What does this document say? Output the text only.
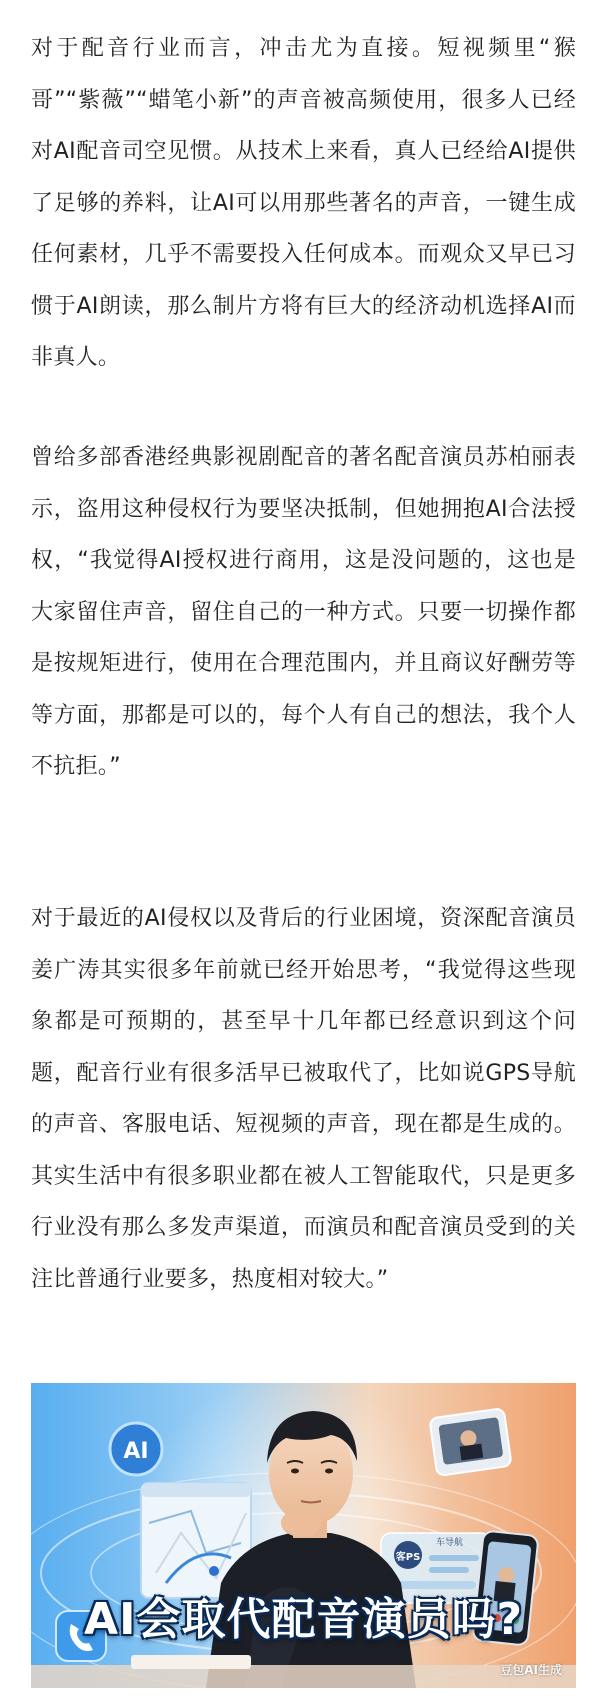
对于配音行业而言，冲击尤为直接。短视频里“猴哥”“紫薇”“蜡笔小新”的声音被高频使用，很多人已经对AI配音司空见惯。从技术上来看，真人已经给AI提供了足够的养料，让AI可以用那些著名的声音，一键生成任何素材，几乎不需要投入任何成本。而观众又早已习惯于AI朗读，那么制片方将有巨大的经济动机选择AI而非真人。

曾给多部香港经典影视剧配音的著名配音演员苏柏丽表示，盗用这种侵权行为要坚决抵制，但她拥抱AI合法授权，“我觉得AI授权进行商用，这是没问题的，这也是大家留住声音，留住自己的一种方式。只要一切操作都是按规矩进行，使用在合理范围内，并且商议好酬劳等等方面，那都是可以的，每个人有自己的想法，我个人不抗拒。”

对于最近的AI侵权以及背后的行业困境，资深配音演员姜广涛其实很多年前就已经开始思考，“我觉得这些现象都是可预期的，甚至早十几年都已经意识到这个问题，配音行业有很多活早已被取代了，比如说GPS导航的声音、客服电话、短视频的声音，现在都是生成的。其实生活中有很多职业都在被人工智能取代，只是更多行业没有那么多发声渠道，而演员和配音演员受到的关注比普通行业要多，热度相对较大。”

AI
客PS
车导航
AI会取代配音演员吗?
豆包AI生成
